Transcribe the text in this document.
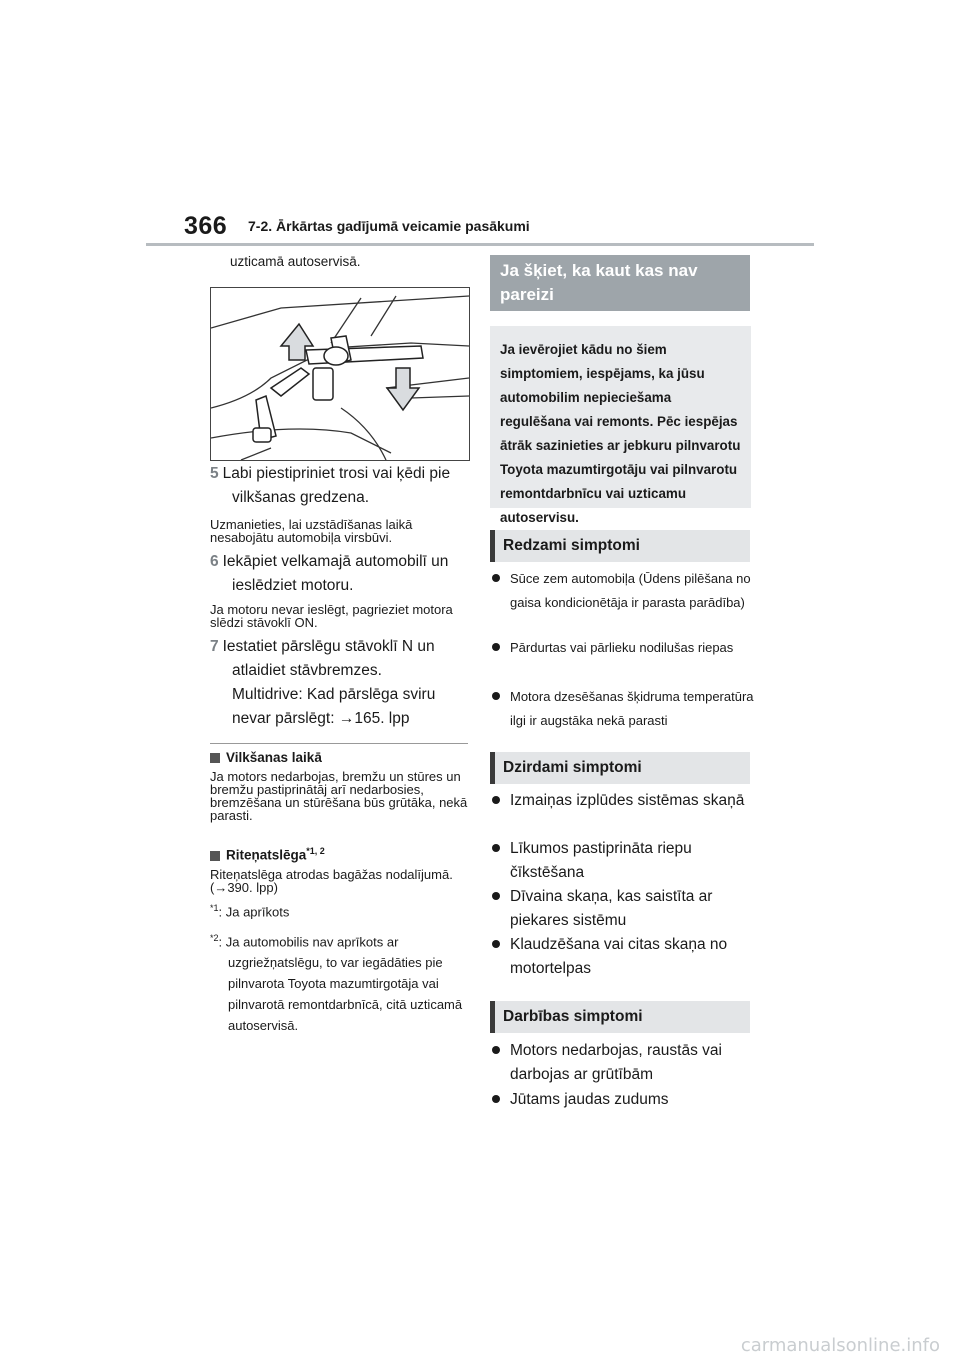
366 7-2. Ārkārtas gadījumā veicamie pasākumi
uzticamā autoservisā.
5 Labi piestipriniet trosi vai ķēdi pie vilkšanas gredzena.
Uzmanieties, lai uzstādīšanas laikā nesabojātu automobiļa virsbūvi.
6 Iekāpiet velkamajā automobilī un ieslēdziet motoru.
Ja motoru nevar ieslēgt, pagrieziet motora slēdzi stāvoklī ON.
7 Iestatiet pārslēgu stāvoklī N un atlaidiet stāvbremzes.
Multidrive: Kad pārslēga sviru nevar pārslēgt: →165. lpp
Vilkšanas laikā
Ja motors nedarbojas, bremžu un stūres un bremžu pastiprinātāj arī nedarbosies, bremzēšana un stūrēšana būs grūtāka, nekā parasti.
Riteņatslēga$^{*1, 2}$
Riteņatslēga atrodas bagāžas nodalījumā. (→390. lpp)
$^{*1}$: Ja aprīkots
$^{*2}$: Ja automobilis nav aprīkots ar uzgriežņatslēgu, to var iegādāties pie pilnvarota Toyota mazumtirgotāja vai pilnvarotā remontdarbnīcā, citā uzticamā autoservisā.
Ja šķiet, ka kaut kas nav
pareizi
Ja ievērojiet kādu no šiem simptomiem, iespējams, ka jūsu automobilim nepieciešama regulēšana vai remonts. Pēc iespējas ātrāk sazinieties ar jebkuru pilnvarotu Toyota mazumtirgotāju vai pilnvarotu remontdarbnīcu vai uzticamu autoservisu.
Redzami simptomi
Sūce zem automobiļa (Ūdens pilēšana no gaisa kondicionētāja ir parasta parādība)
Pārdurtas vai pārlieku nodilušas riepas
Motora dzesēšanas šķidruma temperatūra ilgi ir augstāka nekā parasti
Dzirdami simptomi
Izmaiņas izplūdes sistēmas skaņā
Līkumos pastiprināta riepu čīkstēšana
Dīvaina skaņa, kas saistīta ar piekares sistēmu
Klaudzēšana vai citas skaņa no motortelpas
Darbības simptomi
Motors nedarbojas, raustās vai darbojas ar grūtībām
Jūtams jaudas zudums
carmanualsonline.info
